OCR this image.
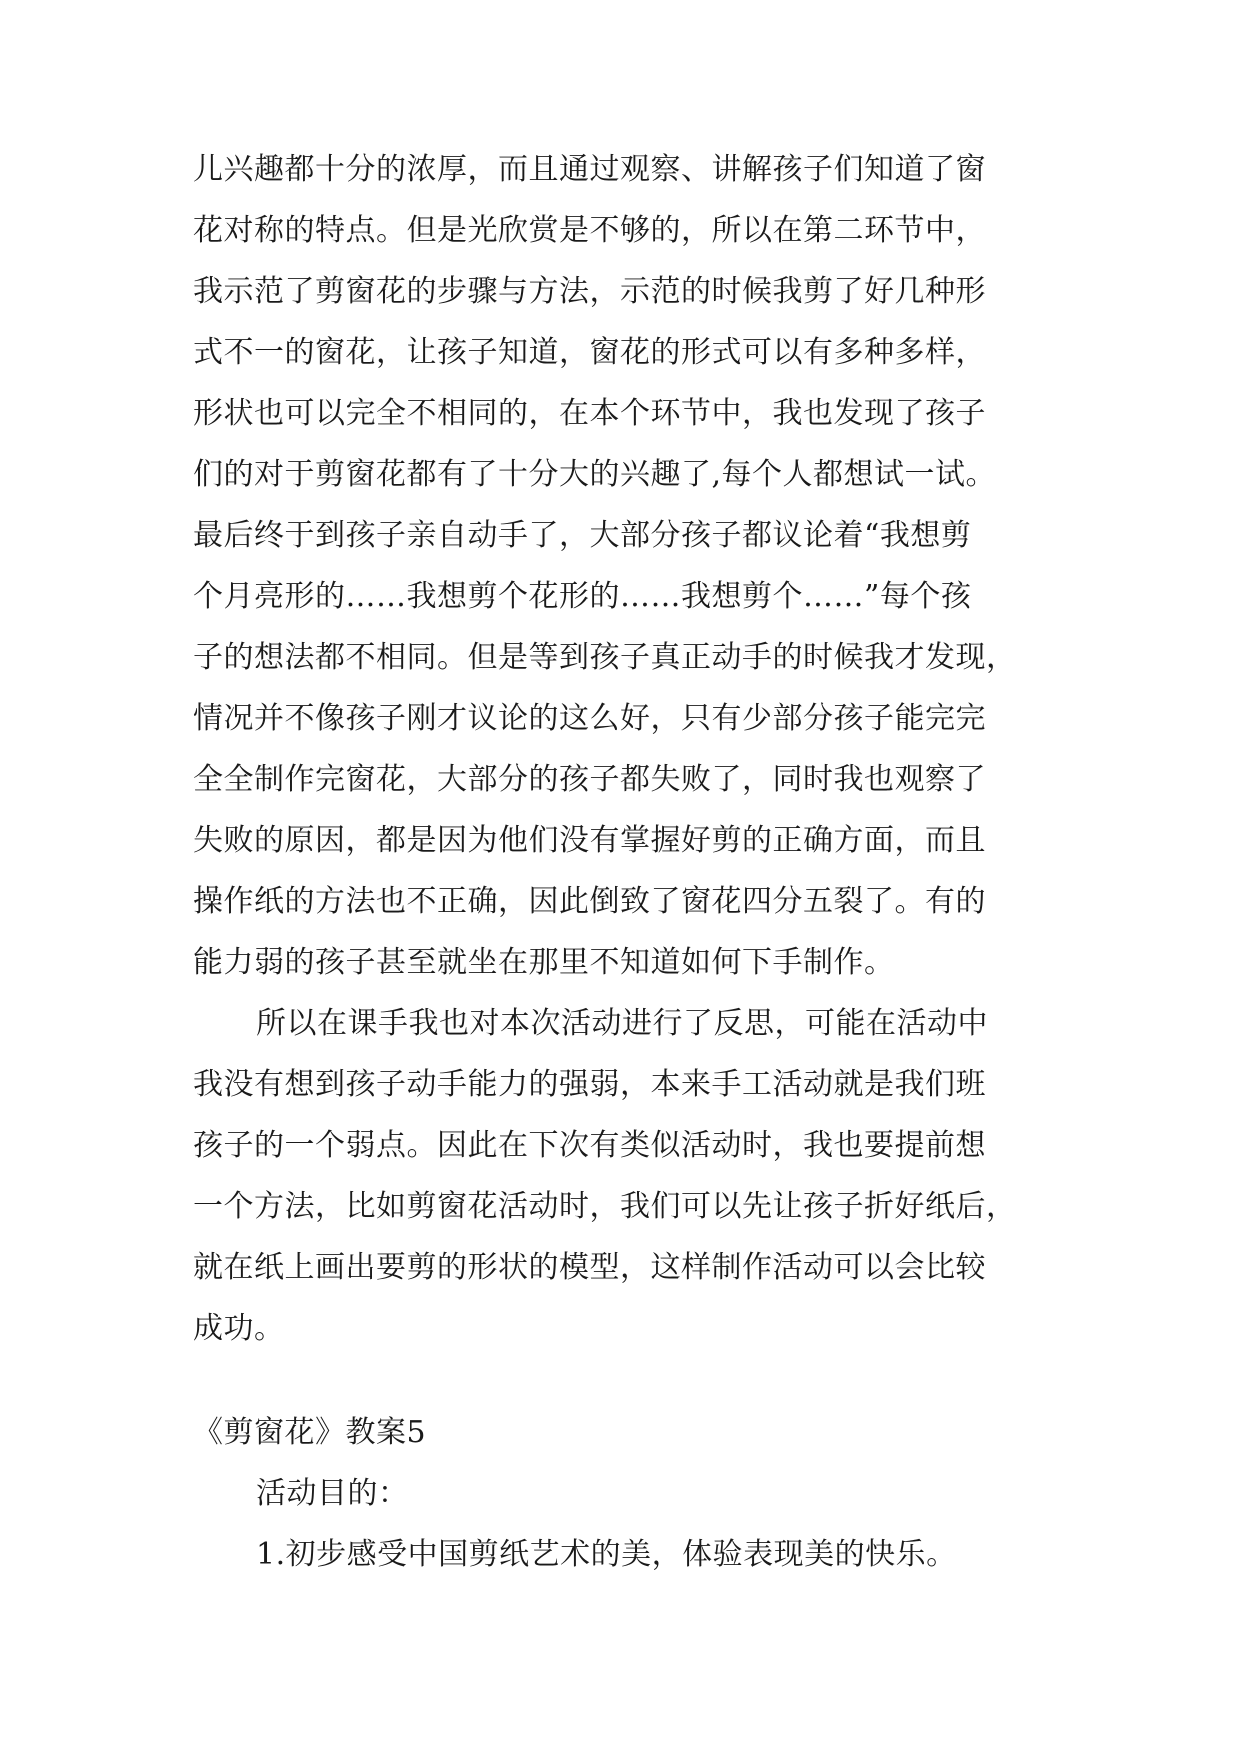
儿兴趣都十分的浓厚，而且通过观察、讲解孩子们知道了窗
花对称的特点。但是光欣赏是不够的，所以在第二环节中，
我示范了剪窗花的步骤与方法，示范的时候我剪了好几种形
式不一的窗花，让孩子知道，窗花的形式可以有多种多样，
形状也可以完全不相同的，在本个环节中，我也发现了孩子
们的对于剪窗花都有了十分大的兴趣了,每个人都想试一试。
最后终于到孩子亲自动手了，大部分孩子都议论着“我想剪
个月亮形的……我想剪个花形的……我想剪个……”每个孩
子的想法都不相同。但是等到孩子真正动手的时候我才发现，
情况并不像孩子刚才议论的这么好，只有少部分孩子能完完
全全制作完窗花，大部分的孩子都失败了，同时我也观察了
失败的原因，都是因为他们没有掌握好剪的正确方面，而且
操作纸的方法也不正确，因此倒致了窗花四分五裂了。有的
能力弱的孩子甚至就坐在那里不知道如何下手制作。
所以在课手我也对本次活动进行了反思，可能在活动中
我没有想到孩子动手能力的强弱，本来手工活动就是我们班
孩子的一个弱点。因此在下次有类似活动时，我也要提前想
一个方法，比如剪窗花活动时，我们可以先让孩子折好纸后，
就在纸上画出要剪的形状的模型，这样制作活动可以会比较
成功。
《剪窗花》教案5
活动目的：
1.初步感受中国剪纸艺术的美，体验表现美的快乐。
